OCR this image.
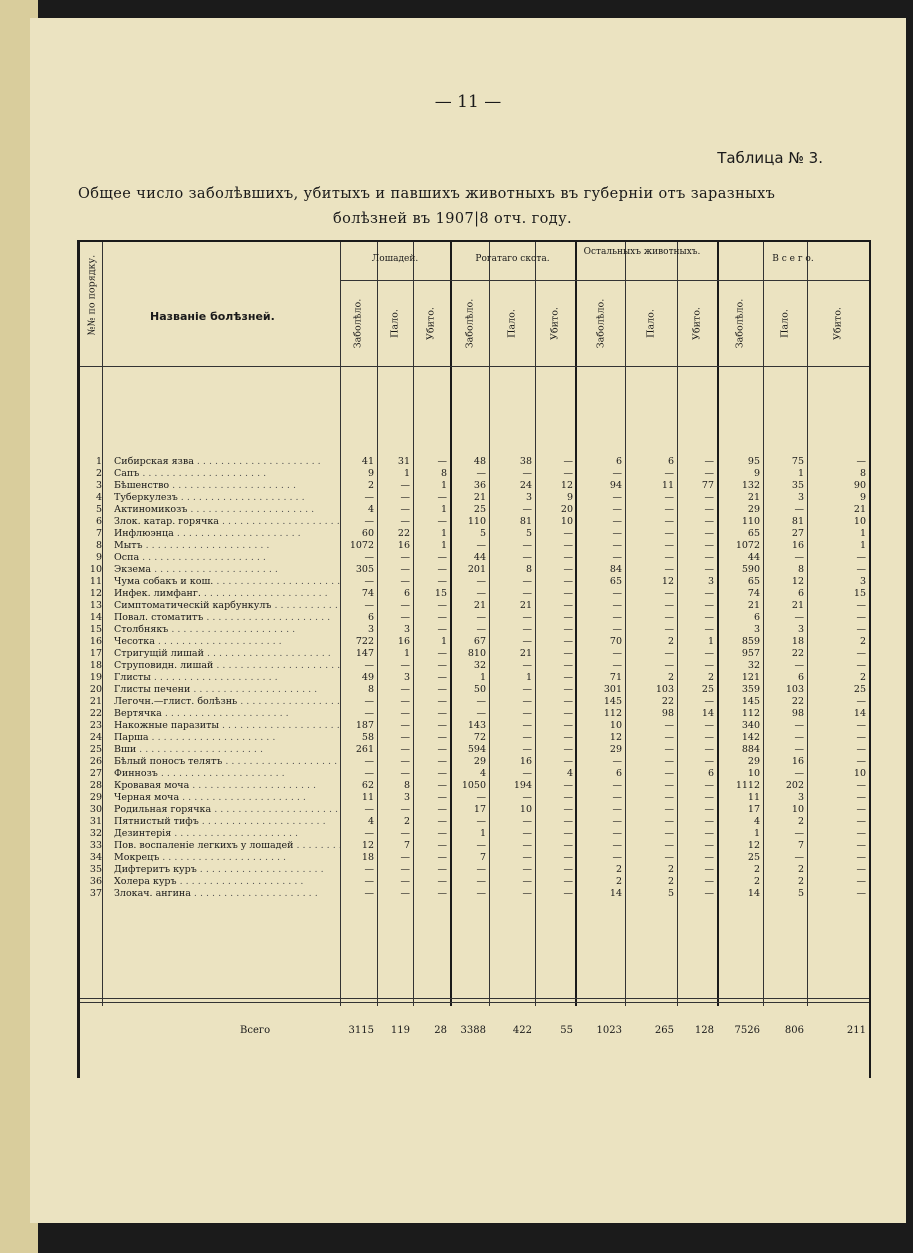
— 11 —
Таблица № 3.
Общее число заболѣвшихъ, убитыхъ и павшихъ животныхъ въ губерніи отъ заразныхъ
болѣзней въ 1907|8 отч. году.
№№ по порядку.	Названіе болѣзней.
Лошадей.	Рогатаго скота.
Остальныхъ животныхъ.
В с е г о.
Заболѣло.	Пало.	Убито.	Заболѣло.	Пало.	Убито.	Заболѣло.	Пало.	Убито.	Заболѣло.	Пало.	Убито.
1 Сибирская язва . . .	41	31	—	48	38	—	6	6	—	95	75	—
2 Сапъ . . .	9	1	8	—	—	—	—	—	—	9	1	8
3 Бѣшенство . . .	2	—	1	36	24	12	94	11	77	132	35	90
4 Туберкулезъ . . .	—	—	—	21	3	9	—	—	—	21	3	9
5 Актиномикозъ . . .	4	—	1	25	—	20	—	—	—	29	—	21
6 Злок. катар. горячка . . .	—	—	— 110	81	10	—	—	—	110	81	10
7 Инфлюэнца . . .	60	22	1	5	5	—	—	—	—	65	27	1
8 Мытъ . . .	1072	16	1	—	—	—	—	—	— 1072	16	1
9 Оспа . . .	—	—	—	44	—	—	—	—	—	44	—	—
10 Экзема . . .	305	—	— 201	8	—	84	—	—	590	8	—
11 Чума собакъ и кош. . . .	—	—	—	—	—	—	65	12	3	65	12	3
12 Инфек. лимфанг. . . .	74	6	15	—	—	—	—	—	—	74	6	15
13 Симптоматическій карбункулъ . . .	—	—	—	21	21	—	—	—	—	21	21	—
14 Повал. стоматитъ . . .	6	—	—	—	—	—	—	—	—	6	—	—
15 Столбнякъ . . .	3	3	—	—	—	—	—	—	—	3	3	—
16 Чесотка . . .	722	16	1	67	—	—	70	2	1	859	18	2
17 Стригущій лишай . . .	147	1	— 810	21	—	—	—	—	957	22	—
18 Струповидн. лишай . . .	—	—	—	32	—	—	—	—	—	32	—	—
19 Глисты . . .	49	3	—	1	1	—	71	2	2	121	6	2
20 Глисты печени . . .	8	—	—	50	—	—	301	103	25	359	103	25
21 Легочн.—глист. болѣзнь . . .	—	—	—	—	—	—	145	22	—	145	22	—
22 Вертячка . . .	—	—	—	—	—	—	112	98	14	112	98	14
23 Накожные паразиты . . .	187	—	— 143	—	—	10	—	—	340	—	—
24 Парша . . .	58	—	—	72	—	—	12	—	—	142	—	—
25 Вши . . .	261	—	— 594	—	—	29	—	—	884	—	—
26 Бѣлый поносъ телятъ . . .	—	—	—	29	16	—	—	—	—	29	16	—
27 Финнозъ . . .	—	—	—	4	—	4	6	—	6	10	—	10
28 Кровавая моча . . .	62	8	— 1050	194	—	—	—	— 1112	202	—
29 Черная моча . . .	11	3	—	—	—	—	—	—	—	11	3	—
30 Родильная горячка . . .	—	—	—	17	10	—	—	—	—	17	10	—
31 Пятнистый тифъ . . .	4	2	—	—	—	—	—	—	—	4	2	—
32 Дезинтерія . . .	—	—	—	1	—	—	—	—	—	1	—	—
33 Пов. воспаленіе легкихъ у лошадей . . .	12	7	—	—	—	—	—	—	—	12	7	—
34 Мокрецъ . . .	18	—	—	7	—	—	—	—	—	25	—	—
35 Дифтеритъ куръ . . .	—	—	—	—	—	—	2	2	—	2	2	—
36 Холера куръ . . .	—	—	—	—	—	—	2	2	—	2	2	—
37 Злокач. ангина . . .	—	—	—	—	—	—	14	5	—	14	5	—
Всего	3115 119 28 3388	422	55 1023	265 128 7526 806	211
